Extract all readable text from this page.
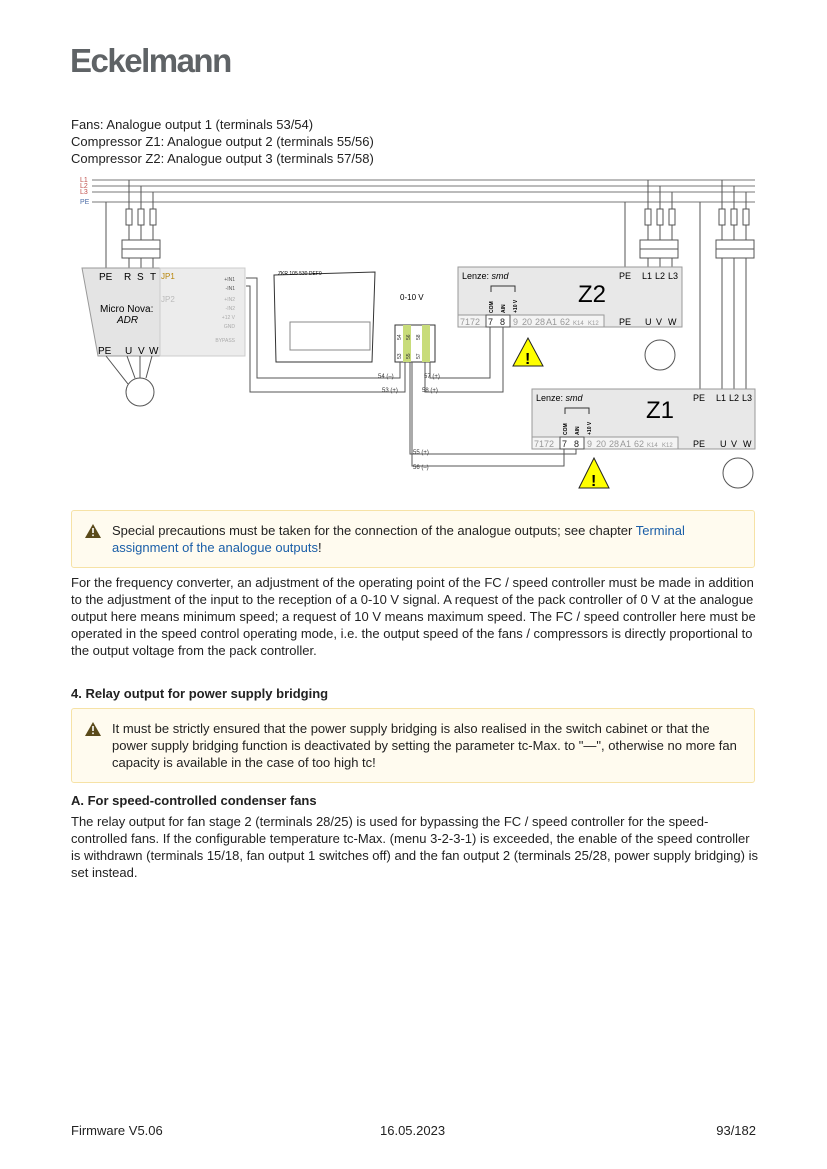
Eckelmann
Fans: Analogue output 1 (terminals 53/54)
Compressor Z1: Analogue output 2 (terminals 55/56)
Compressor Z2: Analogue output 3 (terminals 57/58)
L1
L2
L3
PE
Micro Nova:
ADR
PE R S T
PE U V W
JP1
JP2
+IN1
-IN1
+IN2
-IN2
+12 V
GND
BYPASS
ZKR 105 530 DEF0
0-10 V
54 56 58
53 55 57
54 (–)
53 (+)
57 (+)
58 (+)
55 (+)
56 (–)
Lenze: smd
Z2
COM AIN +10 V
71 72 7 8 9 20 28 A1 62 K14 K12
PE L1 L2 L3
PE U V W
!
Lenze: smd	Z1
COM AIN +10 V
71 72 7 8 9 20 28 A1 62 K14 K12
PE L1 L2 L3
PE U V W
!
Special precautions must be taken for the connection of the analogue outputs; see chapter Terminal assignment of the analogue outputs!
For the frequency converter, an adjustment of the operating point of the FC / speed controller must be made in addition to the adjustment of the input to the reception of a 0-10 V signal. A request of the pack controller of 0 V at the analogue output here means minimum speed; a request of 10 V means maximum speed. The FC / speed controller here must be operated in the speed control operating mode, i.e. the output speed of the fans / compressors is directly proportional to the output voltage from the pack controller.
4. Relay output for power supply bridging
It must be strictly ensured that the power supply bridging is also realised in the switch cabinet or that the power supply bridging function is deactivated by setting the parameter tc-Max. to "—", otherwise no more fan capacity is available in the case of too high tc!
A. For speed-controlled condenser fans
The relay output for fan stage 2 (terminals 28/25) is used for bypassing the FC / speed controller for the speed-controlled fans. If the configurable temperature tc-Max. (menu 3-2-3-1) is exceeded, the enable of the speed controller is withdrawn (terminals 15/18, fan output 1 switches off) and the fan output 2 (terminals 25/28, power supply bridging) is set instead.
Firmware V5.06	16.05.2023	93/182
